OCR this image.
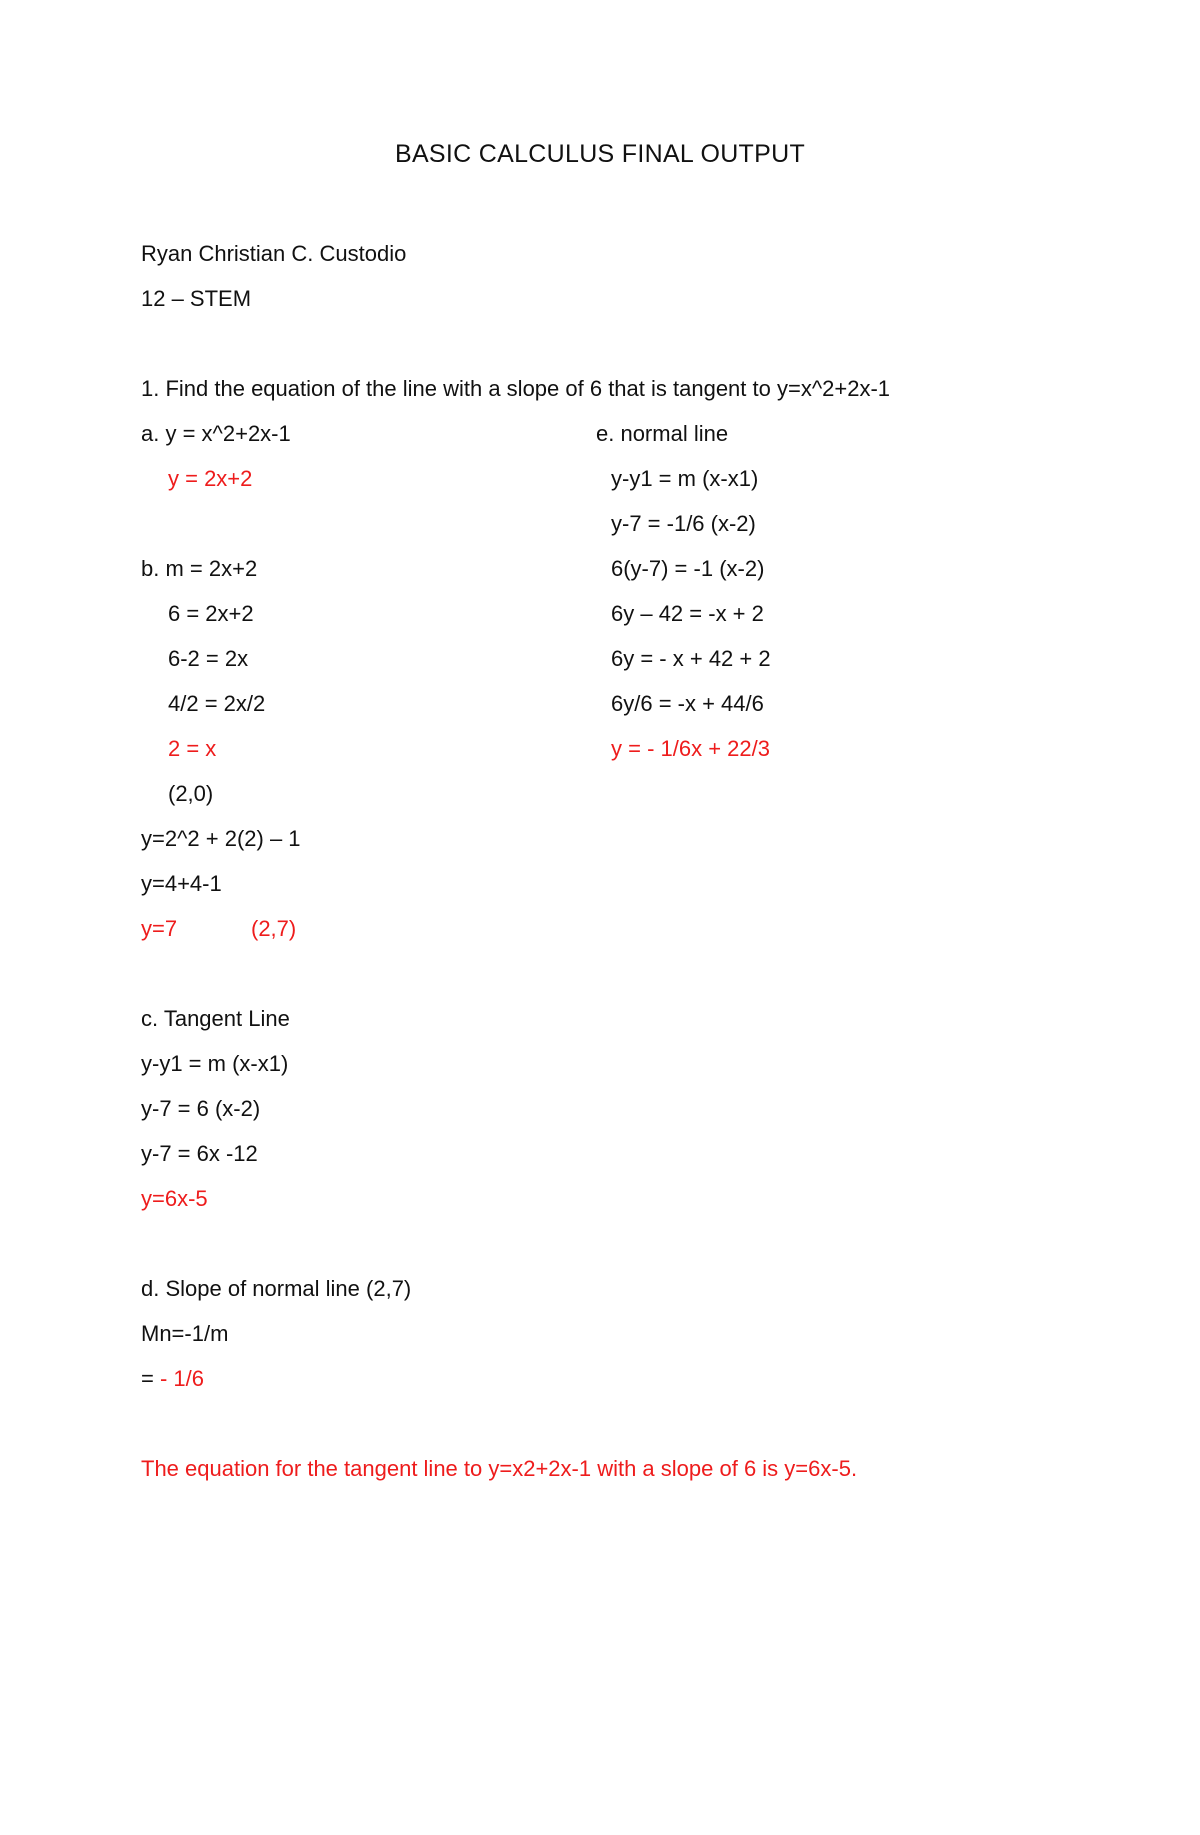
BASIC CALCULUS FINAL OUTPUT
Ryan Christian C. Custodio
12 – STEM
1. Find the equation of the line with a slope of 6 that is tangent to y=x^2+2x-1
a. y = x^2+2x-1
y = 2x+2
b. m = 2x+2
6 = 2x+2
6-2 = 2x
4/2 = 2x/2
2 = x
(2,0)
y=2^2 + 2(2) – 1
y=4+4-1
y=7	(2,7)
c. Tangent Line
y-y1 = m (x-x1)
y-7 = 6 (x-2)
y-7 = 6x -12
y=6x-5
d. Slope of normal line (2,7)
Mn=-1/m
= - 1/6
e. normal line
y-y1 = m (x-x1)
y-7 = -1/6 (x-2)
6(y-7) = -1 (x-2)
6y – 42 = -x + 2
6y = - x + 42 + 2
6y/6 = -x + 44/6
y = - 1/6x + 22/3
The equation for the tangent line to y=x2+2x-1 with a slope of 6 is y=6x-5.
